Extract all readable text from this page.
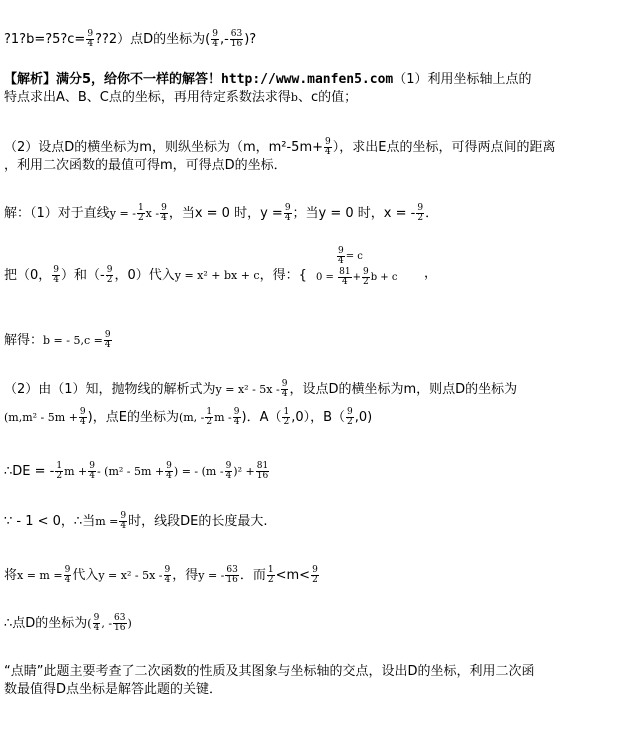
?1?b=?5?c= $\frac{9}{4}$ ??2）点D的坐标为( $\frac{9}{4}$ ,- $\frac{63}{16}$ )?
【解析】满分5，给你不一样的解答！http://www.manfen5.com（1）利用坐标轴上点的
特点求出A、B、C点的坐标，再用待定系数法求得b、c的值；
（2）设点D的横坐标为m，则纵坐标为（m，$m^2-5m+ \frac{9}{4}$ ），求出E点的坐标，可得两点间的距离
，利用二次函数的最值可得m，可得点D的坐标．
解：（1）对于直线y = - $\frac{1}{2}$ x - $\frac{9}{4}$ ，当x = 0 时，$y = \frac{9}{4}$ ；当y = 0 时，x = - $\frac{9}{2}$ ．
把（0， $\frac{9}{4}$ ）和（- $\frac{9}{2}$ ，0）代入y = x² + bx + c，得：{
$\frac{9}{4} = c$
$0 = \frac{81}{4} + \frac{9}{2}$ b + c ，
解得：b = - $5,c = \frac{9}{4}$
（2）由（1）知，抛物线的解析式为$y = x^2 - 5x - \frac{9}{4}$ ，设点D的横坐标为m，则点D的坐标为
($m,m^2 - 5m + \frac{9}{4}$ )，点E的坐标为(m, - $\frac{1}{2}$ m - $\frac{9}{4}$ )．$A( \frac{1}{2} ,0)$，$B( \frac{9}{2} ,0)$
∴DE = - $\frac{1}{2}$ $m + \frac{9}{4} - (m^2 - 5m + \frac{9}{4}$ ) = - $(m - \frac{9}{4} )^2 + \frac{81}{16}$
∵ - 1 < 0，∴当$m = \frac{9}{4}$ 时，线段DE的长度最大.
将$x = m = \frac{9}{4}$ 代入$y = x^2 - 5x - \frac{9}{4}$ ，得y = - $\frac{63}{16}$ ．而 $\frac{1}{2} <m< \frac{9}{2}$
∴点D的坐标为( $\frac{9}{4}$ , - $\frac{63}{16}$ )
“点睛”此题主要考查了二次函数的性质及其图象与坐标轴的交点，设出D的坐标，利用二次函
数最值得D点坐标是解答此题的关键．
